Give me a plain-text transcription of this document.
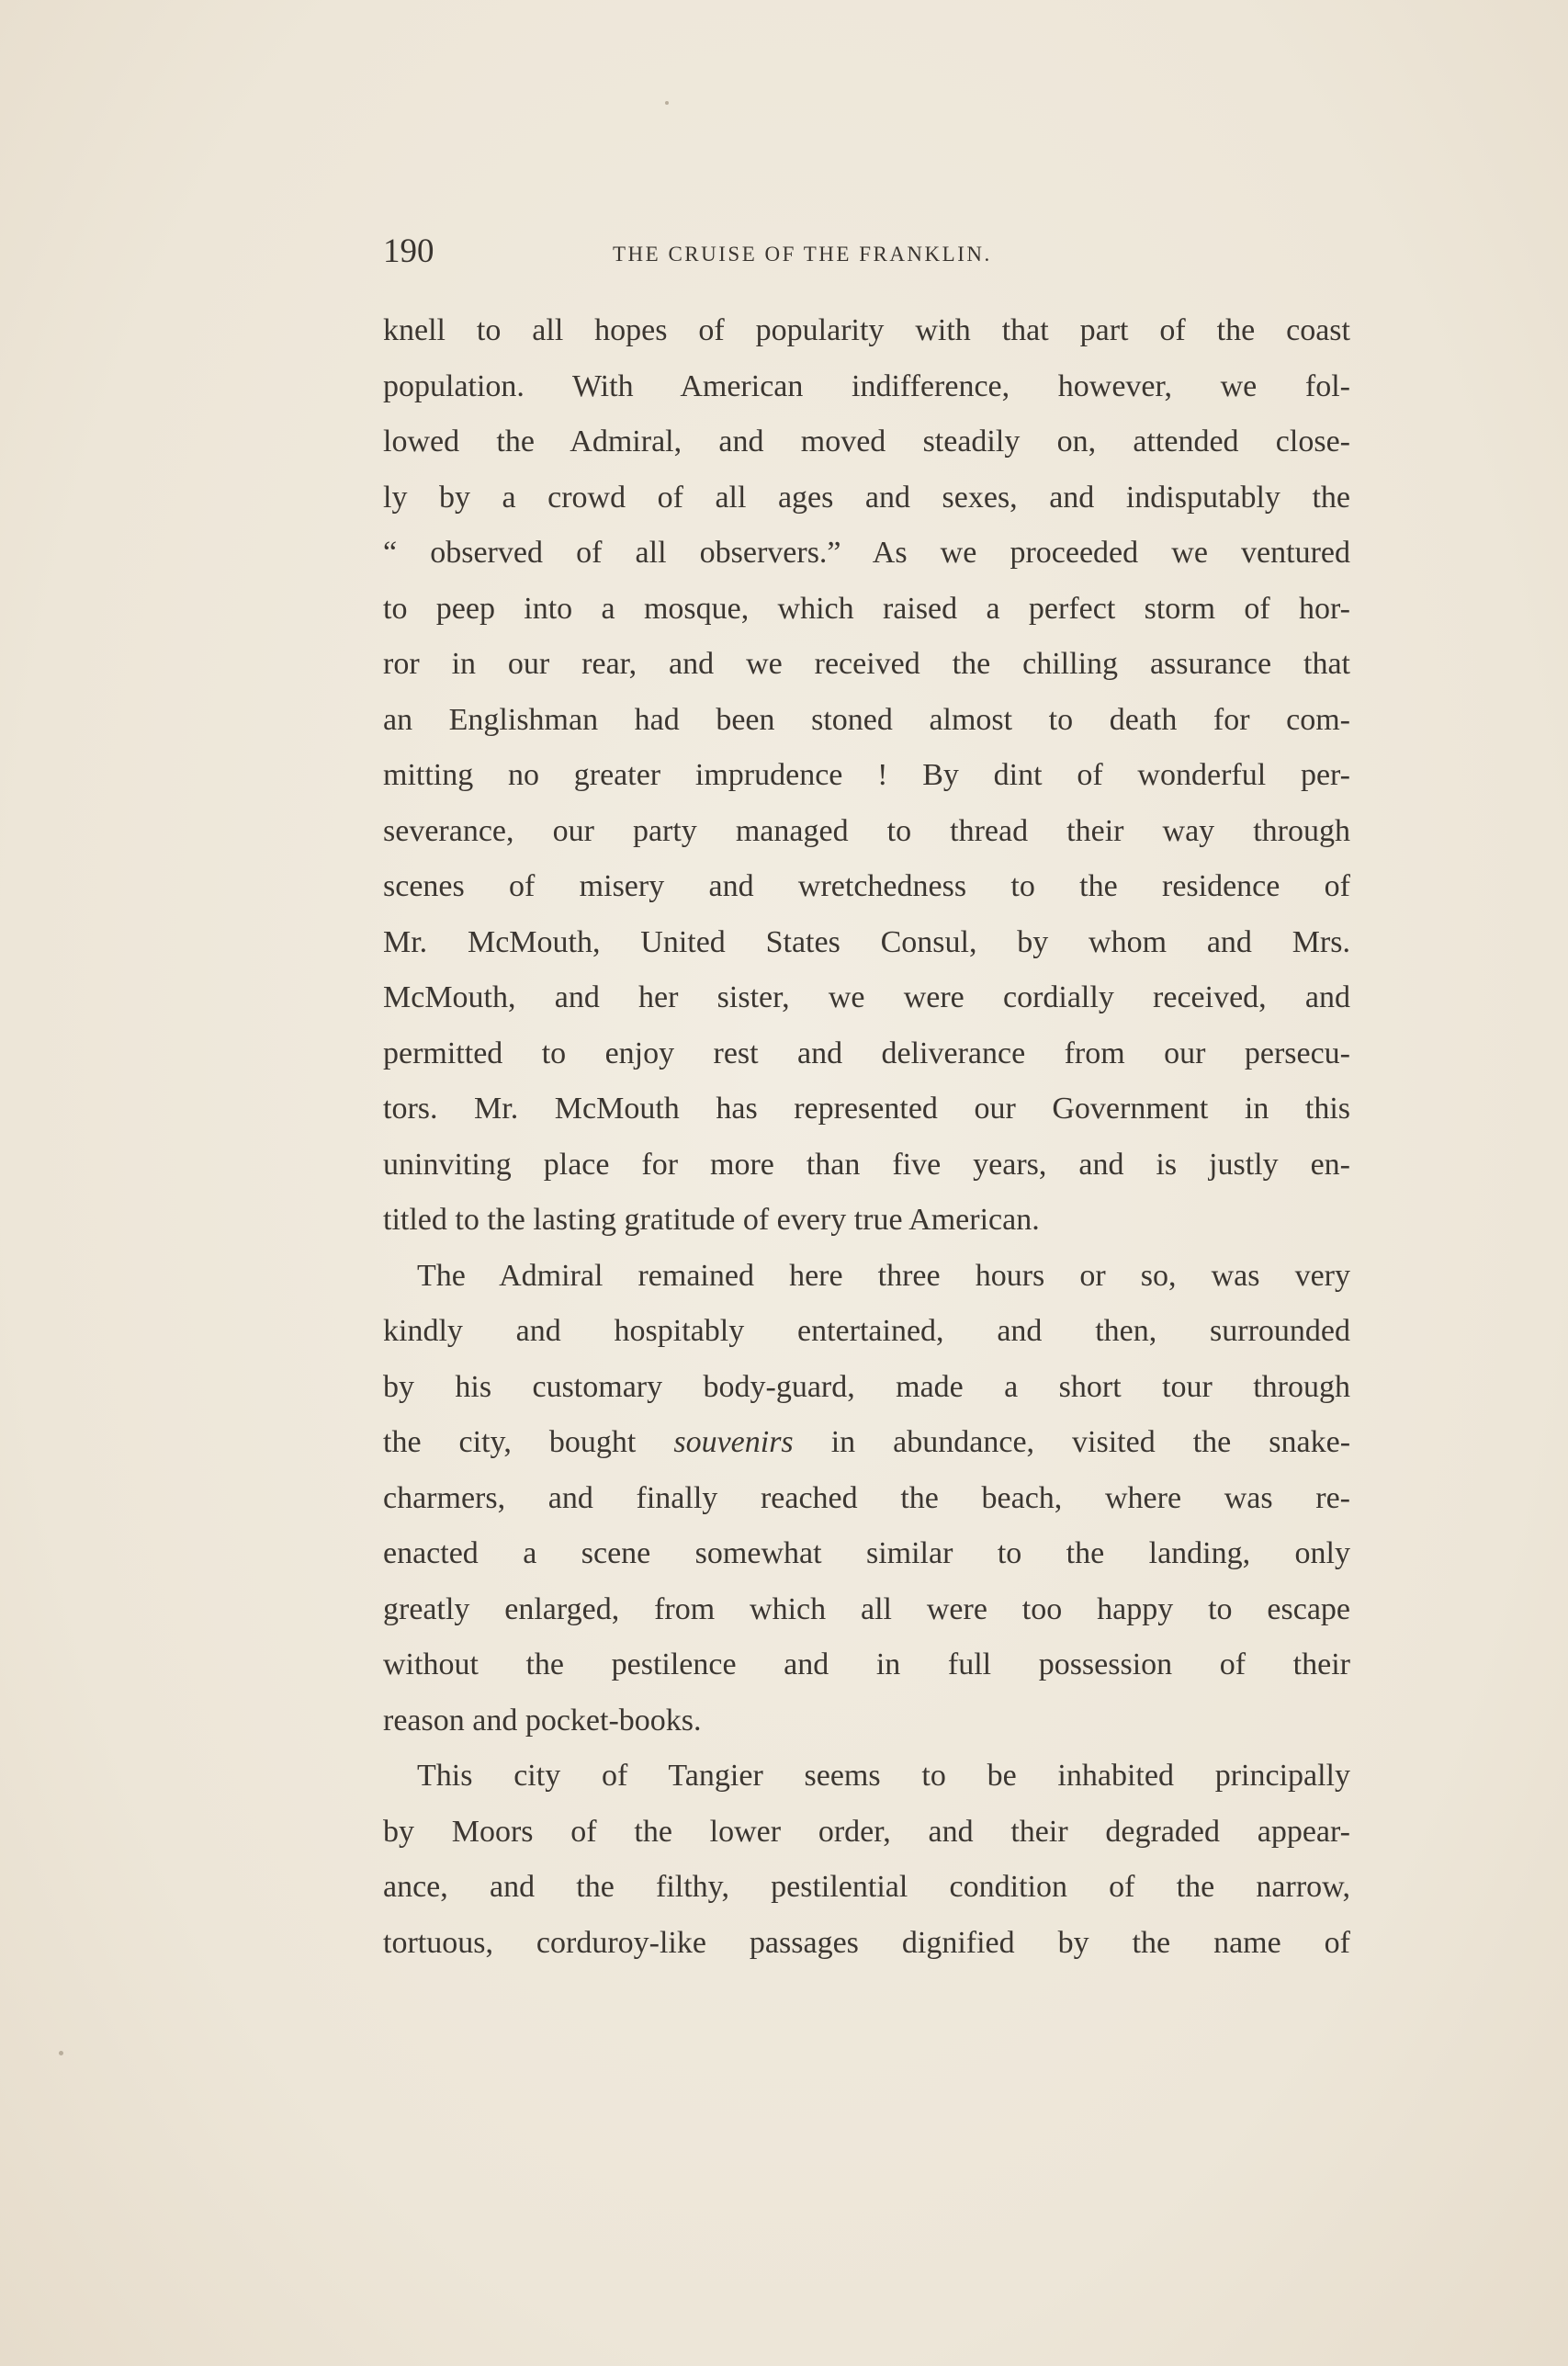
190	THE CRUISE OF THE FRANKLIN.
knell to all hopes of popularity with that part of the coast
population. With American indifference, however, we fol-
lowed the Admiral, and moved steadily on, attended close-
ly by a crowd of all ages and sexes, and indisputably the
“ observed of all observers.” As we proceeded we ventured
to peep into a mosque, which raised a perfect storm of hor-
ror in our rear, and we received the chilling assurance that
an Englishman had been stoned almost to death for com-
mitting no greater imprudence ! By dint of wonderful per-
severance, our party managed to thread their way through
scenes of misery and wretchedness to the residence of
Mr. McMouth, United States Consul, by whom and Mrs.
McMouth, and her sister, we were cordially received, and
permitted to enjoy rest and deliverance from our persecu-
tors. Mr. McMouth has represented our Government in this
uninviting place for more than five years, and is justly en-
titled to the lasting gratitude of every true American.
The Admiral remained here three hours or so, was very
kindly and hospitably entertained, and then, surrounded
by his customary body-guard, made a short tour through
the city, bought souvenirs in abundance, visited the snake-
charmers, and finally reached the beach, where was re-
enacted a scene somewhat similar to the landing, only
greatly enlarged, from which all were too happy to escape
without the pestilence and in full possession of their
reason and pocket-books.
This city of Tangier seems to be inhabited principally
by Moors of the lower order, and their degraded appear-
ance, and the filthy, pestilential condition of the narrow,
tortuous, corduroy-like passages dignified by the name of
